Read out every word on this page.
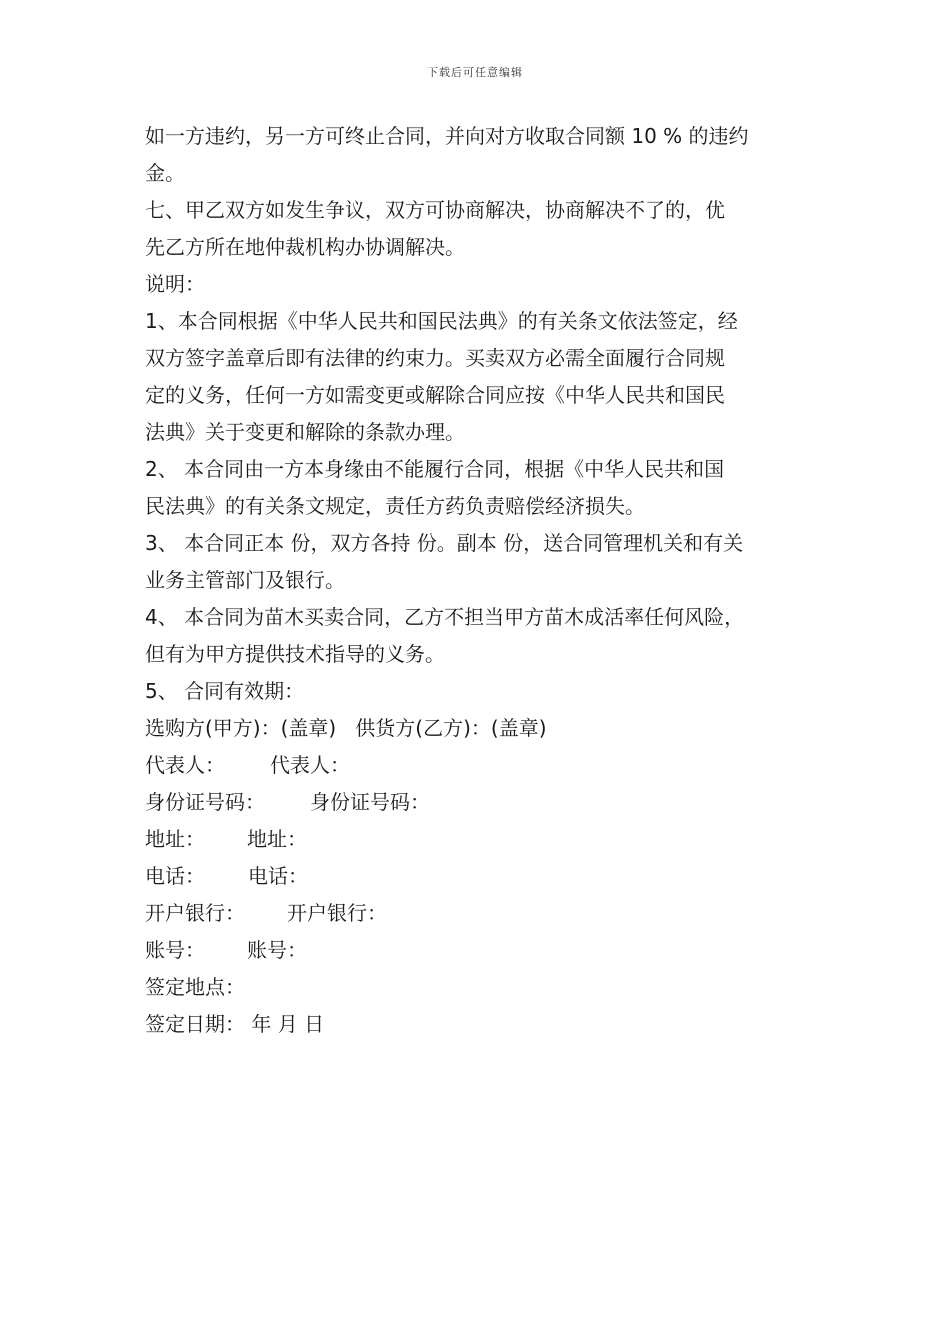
下载后可任意编辑
如一方违约，另一方可终止合同，并向对方收取合同额 10 % 的违约
金。
七、甲乙双方如发生争议，双方可协商解决，协商解决不了的，优
先乙方所在地仲裁机构办协调解决。
说明：
1、本合同根据《中华人民共和国民法典》的有关条文依法签定，经
双方签字盖章后即有法律的约束力。买卖双方必需全面履行合同规
定的义务，任何一方如需变更或解除合同应按《中华人民共和国民
法典》关于变更和解除的条款办理。
2、 本合同由一方本身缘由不能履行合同，根据《中华人民共和国
民法典》的有关条文规定，责任方药负责赔偿经济损失。
3、 本合同正本 份，双方各持 份。副本 份，送合同管理机关和有关
业务主管部门及银行。
4、 本合同为苗木买卖合同，乙方不担当甲方苗木成活率任何风险，
但有为甲方提供技术指导的义务。
5、 合同有效期：
选购方(甲方)：(盖章)   供货方(乙方)：(盖章)
代表人： 代表人：
身份证号码： 身份证号码：
地址： 地址：
电话： 电话：
开户银行： 开户银行：
账号： 账号：
签定地点：
签定日期： 年 月 日
